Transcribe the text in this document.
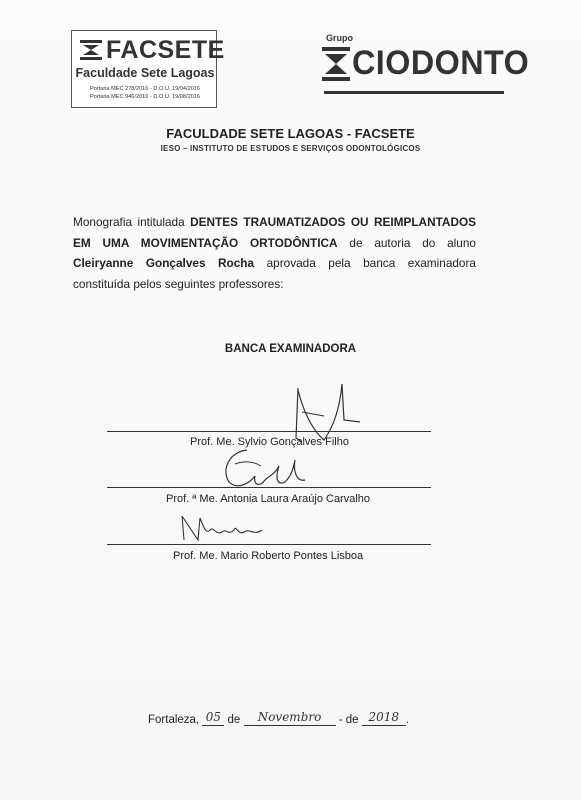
FACSETE
Faculdade Sete Lagoas
Portaria MEC 278/2016 - D.O.U. 19/04/2016
Portaria MEC 946/2016 - D.O.U. 19/08/2016
Grupo
CIODONTO
FACULDADE SETE LAGOAS - FACSETE
IESO – INSTITUTO DE ESTUDOS E SERVIÇOS ODONTOLÓGICOS
Monografia intitulada DENTES TRAUMATIZADOS OU REIMPLANTADOS EM UMA MOVIMENTAÇÃO ORTODÔNTICA de autoria do aluno Cleiryanne Gonçalves Rocha aprovada pela banca examinadora constituída pelos seguintes professores:
BANCA EXAMINADORA
Prof. Me. Sylvio Gonçalves Filho
Prof. ª Me. Antonia Laura Araújo Carvalho
Prof. Me. Mario Roberto Pontes Lisboa
Fortaleza, 05 de	Novembro	- de 2018 .
